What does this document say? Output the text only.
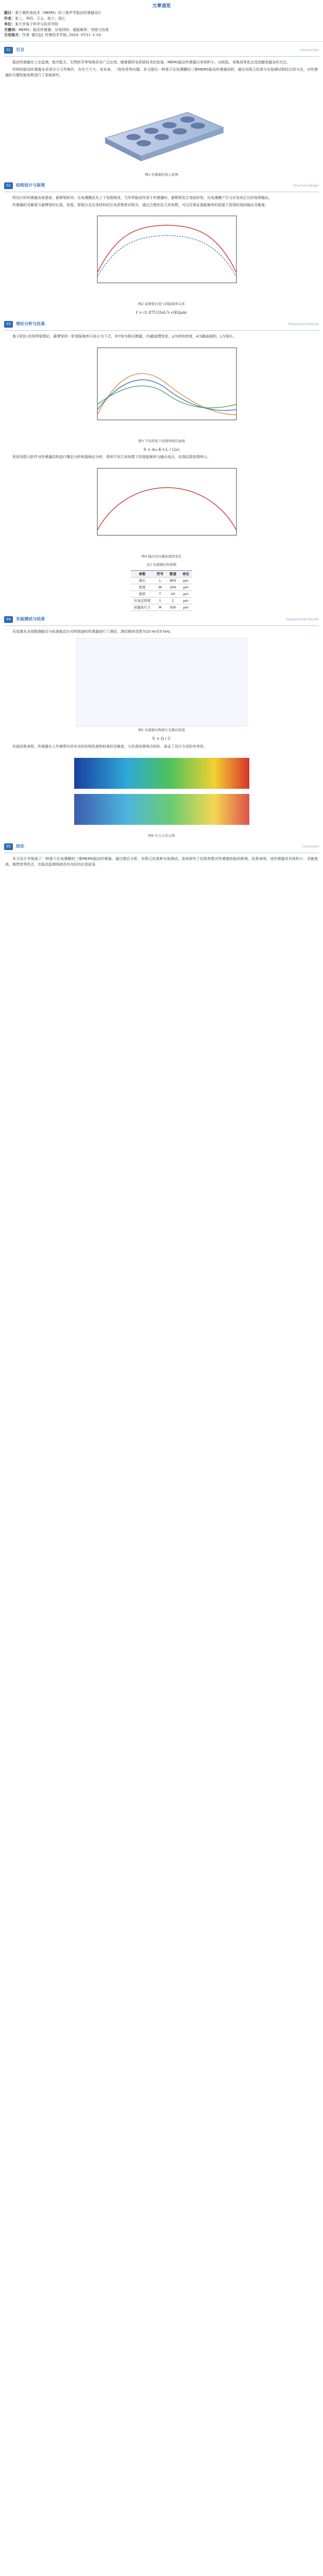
文章速览
题目：基于微机电技术（MEMS）的三维声学振动传感器设计
作者：张三，李四，王五，赵六，钱七
单位：某大学电子科学与技术学院
关键词：MEMS；振动传感器；压电材料；谐振频率；有限元仿真
引用格式：作者. 题目[J]. 传感技术学报, 2024, 37(1): 1-10.
01 引言	Introduction

振动传感器在工业监测、航空航天、生物医学等领域具有广泛应用。随着微机电系统技术的发展，MEMS振动传感器以其体积小、功耗低、易集成等优点受到越来越多的关注。

传统的振动传感器多采用分立元件制作，存在尺寸大、成本高、一致性差等问题。本文提出一种基于压电薄膜的三维MEMS振动传感器结构，通过有限元仿真与实验测试相结合的方法，对传感器的关键性能参数进行了系统研究。

图1 传感器结构示意图
02 结构设计与原理	Structure Design

所设计的传感器由硅基底、悬臂梁阵列、压电薄膜层及上下电极组成。当外界振动作用于传感器时，悬臂梁发生弯曲形变，压电薄膜产生与应变成正比的电荷输出。

传感器的灵敏度与悬臂梁的长度、宽度、厚度以及压电材料的压电系数密切相关。通过合理优化几何参数，可以在保证谐振频率的前提下获得较高的输出灵敏度。

图2 悬臂梁长度与谐振频率关系
f = (1.875²/2πL²)·√(EI/ρA)
03 理论分析与仿真	Theoretical Analysis

基于欧拉-伯努利梁理论，悬臂梁的一阶谐振频率可表示为下式，其中E为杨氏模量，I为截面惯性矩，ρ为材料密度，A为截面面积，L为梁长。

图3 不同厚度下的频率响应曲线
S = d₃₁·E·t·L / (2ε)

利用有限元软件对传感器结构进行模态分析和谐响应分析，得到不同几何参数下的谐振频率与输出电压，仿真结果如图所示。

图4 输出电压随加速度变化
表1 传感器结构参数
参数	符号	数值	单位
梁长	L	800	μm
梁宽	W	200	μm
梁厚	T	20	μm
压电层厚度	t	1	μm
质量块尺寸	M	500	μm
04 实验测试与结果	Experimental Results

采用激光多普勒测振仪与标准振动台对所制备的传感器进行了测试，测试频率范围为10 Hz至5 kHz。

图5 传感器实物照片及测试系统
V = Q / C

实验结果表明，传感器在工作频带内具有良好的线性度和较高的灵敏度，与仿真结果吻合较好，验证了设计方法的有效性。

图6 应力分布云图
05 结论	Conclusion

本文设计并制备了一种基于压电薄膜的三维MEMS振动传感器，通过理论分析、有限元仿真和实验测试，系统研究了结构参数对传感器性能的影响。结果表明，该传感器具有体积小、灵敏度高、频带宽等优点，在振动监测领域具有良好的应用前景。
